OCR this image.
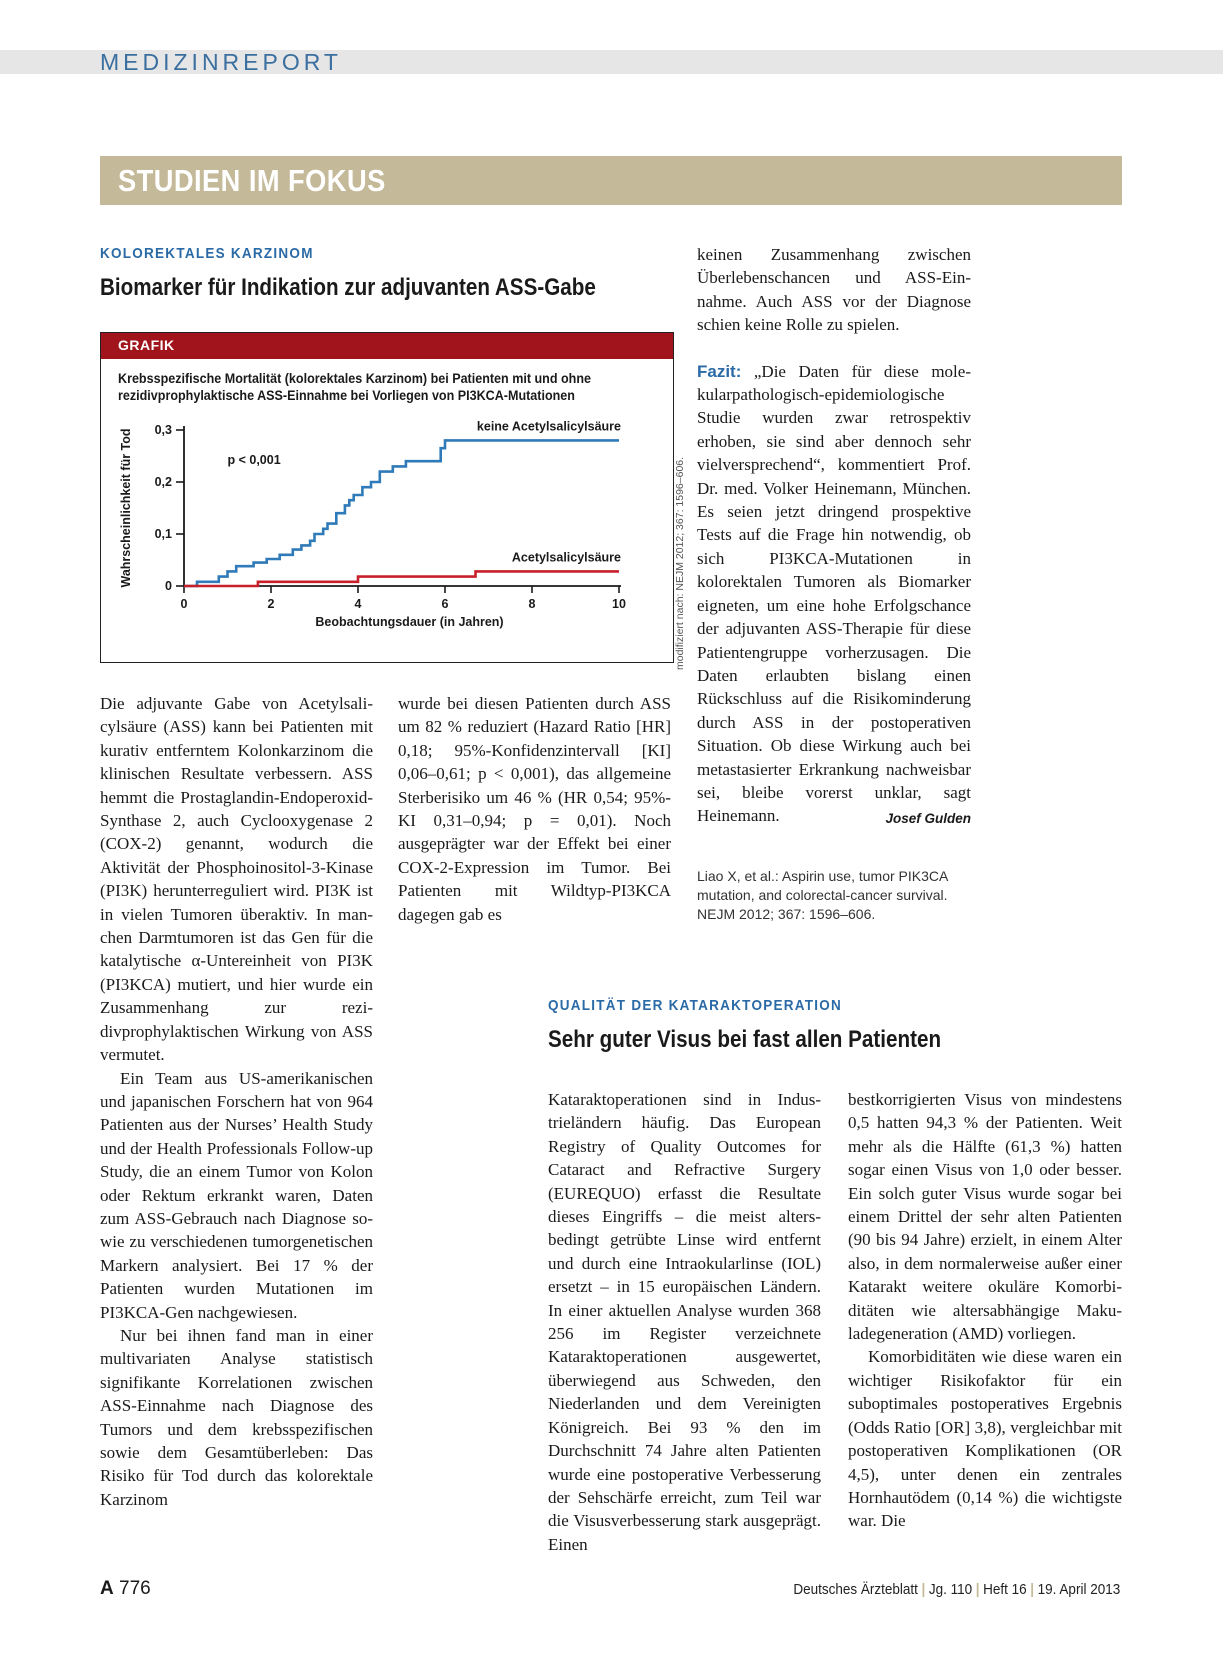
MEDIZINREPORT
STUDIEN IM FOKUS
KOLOREKTALES KARZINOM
Biomarker für Indikation zur adjuvanten ASS-Gabe
GRAFIK
Krebsspezifische Mortalität (kolorektales Karzinom) bei Patienten mit und ohne rezidivprophylaktische ASS-Einnahme bei Vorliegen von PI3KCA-Mutationen
0	2	4	6	8	10
0
0,1
0,2
0,3
Beobachtungsdauer (in Jahren)
Wahrscheinlichkeit für Tod	p < 0,001
keine Acetylsalicylsäure
Acetylsalicylsäure	modifiziert nach: NEJM 2012; 367: 1596–606.

Die adjuvante Gabe von Acetylsalicylsäure (ASS) kann bei Patienten mit kurativ entferntem Kolonkarzinom die klinischen Resultate verbessern. ASS hemmt die Prostaglandin-Endoperoxid-Synthase 2, auch Cyclooxygenase 2 (COX-2) genannt, wodurch die Aktivität der Phosphoinositol-3-Kinase (PI3K) herunterreguliert wird. PI3K ist in vielen Tumoren überaktiv. In manchen Darmtumoren ist das Gen für die katalytische α-Untereinheit von PI3K (PI3KCA) mutiert, und hier wurde ein Zusammenhang zur rezidivprophylaktischen Wirkung von ASS vermutet.

Ein Team aus US-amerikanischen und japanischen Forschern hat von 964 Patienten aus der Nurses’ Health Study und der Health Professionals Follow-up Study, die an einem Tumor von Kolon oder Rektum erkrankt waren, Daten zum ASS-Gebrauch nach Diagnose sowie zu verschiedenen tumorgenetischen Markern analysiert. Bei 17 % der Patienten wurden Mutationen im PI3KCA-Gen nachgewiesen.

Nur bei ihnen fand man in einer multivariaten Analyse statistisch signifikante Korrelationen zwischen ASS-Einnahme nach Diagnose des Tumors und dem krebsspezifischen sowie dem Gesamtüberleben: Das Risiko für Tod durch das kolorektale Karzinom

wurde bei diesen Patienten durch ASS um 82 % reduziert (Hazard Ratio [HR] 0,18; 95%-Konfidenzintervall [KI] 0,06–0,61; p < 0,001), das allgemeine Sterberisiko um 46 % (HR 0,54; 95%-KI 0,31–0,94; p = 0,01). Noch ausgeprägter war der Effekt bei einer COX-2-Expression im Tumor. Bei Patienten mit Wildtyp-PI3KCA dagegen gab es

keinen Zusammenhang zwischen Überlebenschancen und ASS-Einnahme. Auch ASS vor der Diagnose schien keine Rolle zu spielen.

Fazit: „Die Daten für diese molekularpathologisch-epidemiologische Studie wurden zwar retrospektiv erhoben, sie sind aber dennoch sehr vielversprechend“, kommentiert Prof. Dr. med. Volker Heinemann, München. Es seien jetzt dringend prospektive Tests auf die Frage hin notwendig, ob sich PI3KCA-Mutationen in kolorektalen Tumoren als Biomarker eigneten, um eine hohe Erfolgschance der adjuvanten ASS-Therapie für diese Patientengruppe vorherzusagen. Die Daten erlaubten bislang einen Rückschluss auf die Risikominderung durch ASS in der postoperativen Situation. Ob diese Wirkung auch bei metastasierter Erkrankung nachweisbar sei, bleibe vorerst unklar, sagt Heinemann.	Josef Gulden

Liao X, et al.: Aspirin use, tumor PIK3CA mutation, and colorectal-cancer survival. NEJM 2012; 367: 1596–606.
QUALITÄT DER KATARAKTOPERATION
Sehr guter Visus bei fast allen Patienten

Kataraktoperationen sind in Industrieländern häufig. Das European Registry of Quality Outcomes for Cataract and Refractive Surgery (EUREQUO) erfasst die Resultate dieses Eingriffs – die meist altersbedingt getrübte Linse wird entfernt und durch eine Intraokularlinse (IOL) ersetzt – in 15 europäischen Ländern. In einer aktuellen Analyse wurden 368 256 im Register verzeichnete Kataraktoperationen ausgewertet, überwiegend aus Schweden, den Niederlanden und dem Vereinigten Königreich. Bei 93 % den im Durchschnitt 74 Jahre alten Patienten wurde eine postoperative Verbesserung der Sehschärfe erreicht, zum Teil war die Visusverbesserung stark ausgeprägt. Einen

bestkorrigierten Visus von mindestens 0,5 hatten 94,3 % der Patienten. Weit mehr als die Hälfte (61,3 %) hatten sogar einen Visus von 1,0 oder besser. Ein solch guter Visus wurde sogar bei einem Drittel der sehr alten Patienten (90 bis 94 Jahre) erzielt, in einem Alter also, in dem normalerweise außer einer Katarakt weitere okuläre Komorbiditäten wie altersabhängige Makuladegeneration (AMD) vorliegen.

Komorbiditäten wie diese waren ein wichtiger Risikofaktor für ein suboptimales postoperatives Ergebnis (Odds Ratio [OR] 3,8), vergleichbar mit postoperativen Komplikationen (OR 4,5), unter denen ein zentrales Hornhautödem (0,14 %) die wichtigste war. Die

A 776	Deutsches Ärzteblatt | Jg. 110 | Heft 16 | 19. April 2013
